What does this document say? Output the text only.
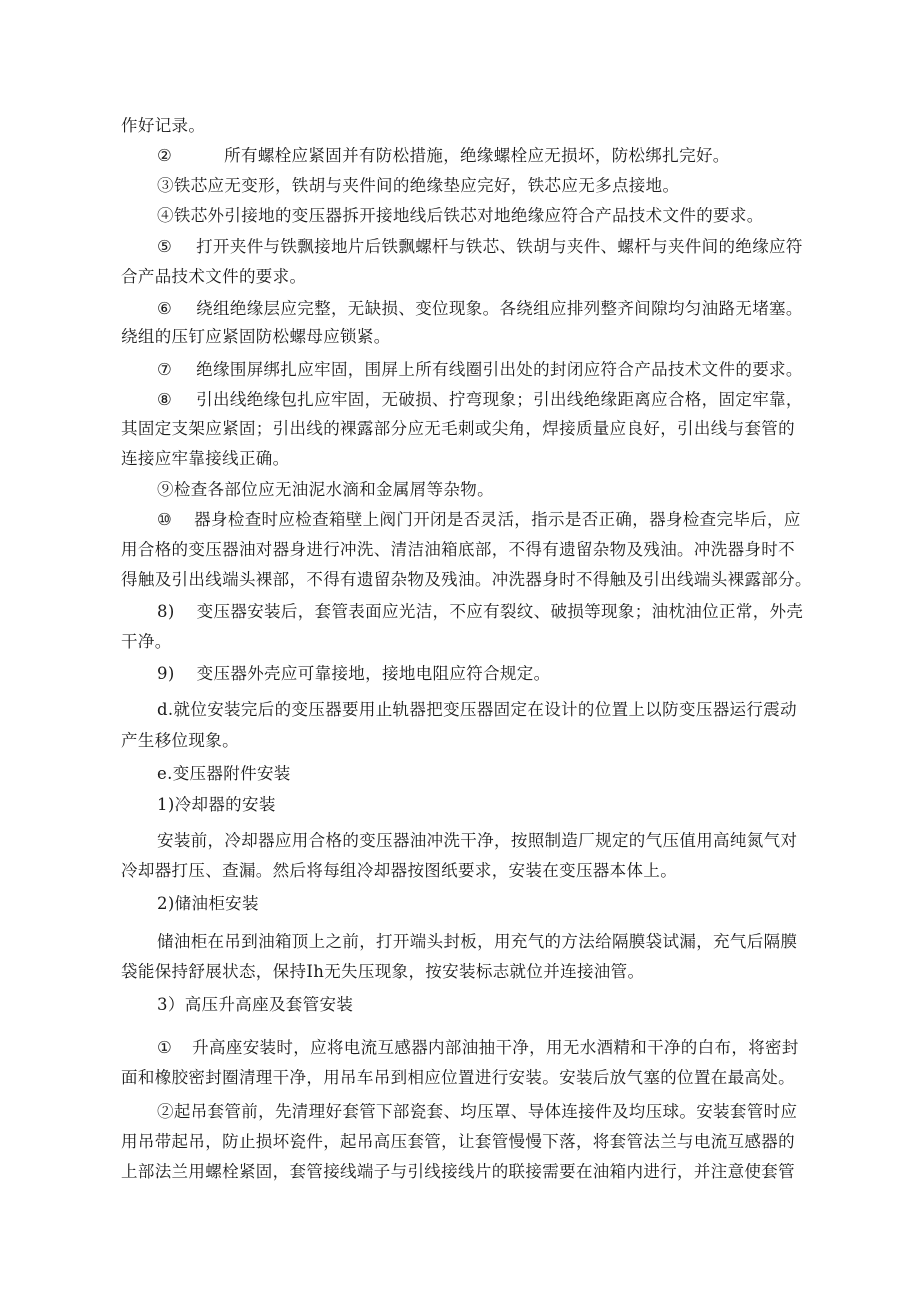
作好记录。
②	所有螺栓应紧固并有防松措施，绝缘螺栓应无损坏，防松绑扎完好。
③铁芯应无变形，铁胡与夹件间的绝缘垫应完好，铁芯应无多点接地。
④铁芯外引接地的变压器拆开接地线后铁芯对地绝缘应符合产品技术文件的要求。
⑤ 打开夹件与铁飘接地片后铁飘螺杆与铁芯、铁胡与夹件、螺杆与夹件间的绝缘应符
合产品技术文件的要求。
⑥ 绕组绝缘层应完整，无缺损、变位现象。各绕组应排列整齐间隙均匀油路无堵塞。
绕组的压钉应紧固防松螺母应锁紧。
⑦ 绝缘围屏绑扎应牢固，围屏上所有线圈引出处的封闭应符合产品技术文件的要求。
⑧ 引出线绝缘包扎应牢固，无破损、拧弯现象；引出线绝缘距离应合格，固定牢靠，
其固定支架应紧固；引出线的裸露部分应无毛刺或尖角，焊接质量应良好，引出线与套管的
连接应牢靠接线正确。
⑨检查各部位应无油泥水滴和金属屑等杂物。
⑩ 器身检查时应检查箱壁上阀门开闭是否灵活，指示是否正确，器身检查完毕后，应
用合格的变压器油对器身进行冲洗、清洁油箱底部，不得有遗留杂物及残油。冲洗器身时不
得触及引出线端头裸部，不得有遗留杂物及残油。冲洗器身时不得触及引出线端头裸露部分。
8) 变压器安装后，套管表面应光洁，不应有裂纹、破损等现象；油枕油位正常，外壳
干净。
9) 变压器外壳应可靠接地，接地电阻应符合规定。
d.就位安装完后的变压器要用止轨器把变压器固定在设计的位置上以防变压器运行震动
产生移位现象。
e.变压器附件安装
1)冷却器的安装
安装前，冷却器应用合格的变压器油冲洗干净，按照制造厂规定的气压值用高纯氮气对
冷却器打压、查漏。然后将每组冷却器按图纸要求，安装在变压器本体上。
2)储油柜安装
储油柜在吊到油箱顶上之前，打开端头封板，用充气的方法给隔膜袋试漏，充气后隔膜
袋能保持舒展状态，保持Ih无失压现象，按安装标志就位并连接油管。
3）高压升高座及套管安装
① 升高座安装时，应将电流互感器内部油抽干净，用无水酒精和干净的白布，将密封
面和橡胶密封圈清理干净，用吊车吊到相应位置进行安装。安装后放气塞的位置在最高处。
②起吊套管前，先清理好套管下部瓷套、均压罩、导体连接件及均压球。安装套管时应
用吊带起吊，防止损坏瓷件，起吊高压套管，让套管慢慢下落，将套管法兰与电流互感器的
上部法兰用螺栓紧固，套管接线端子与引线接线片的联接需要在油箱内进行，并注意使套管
